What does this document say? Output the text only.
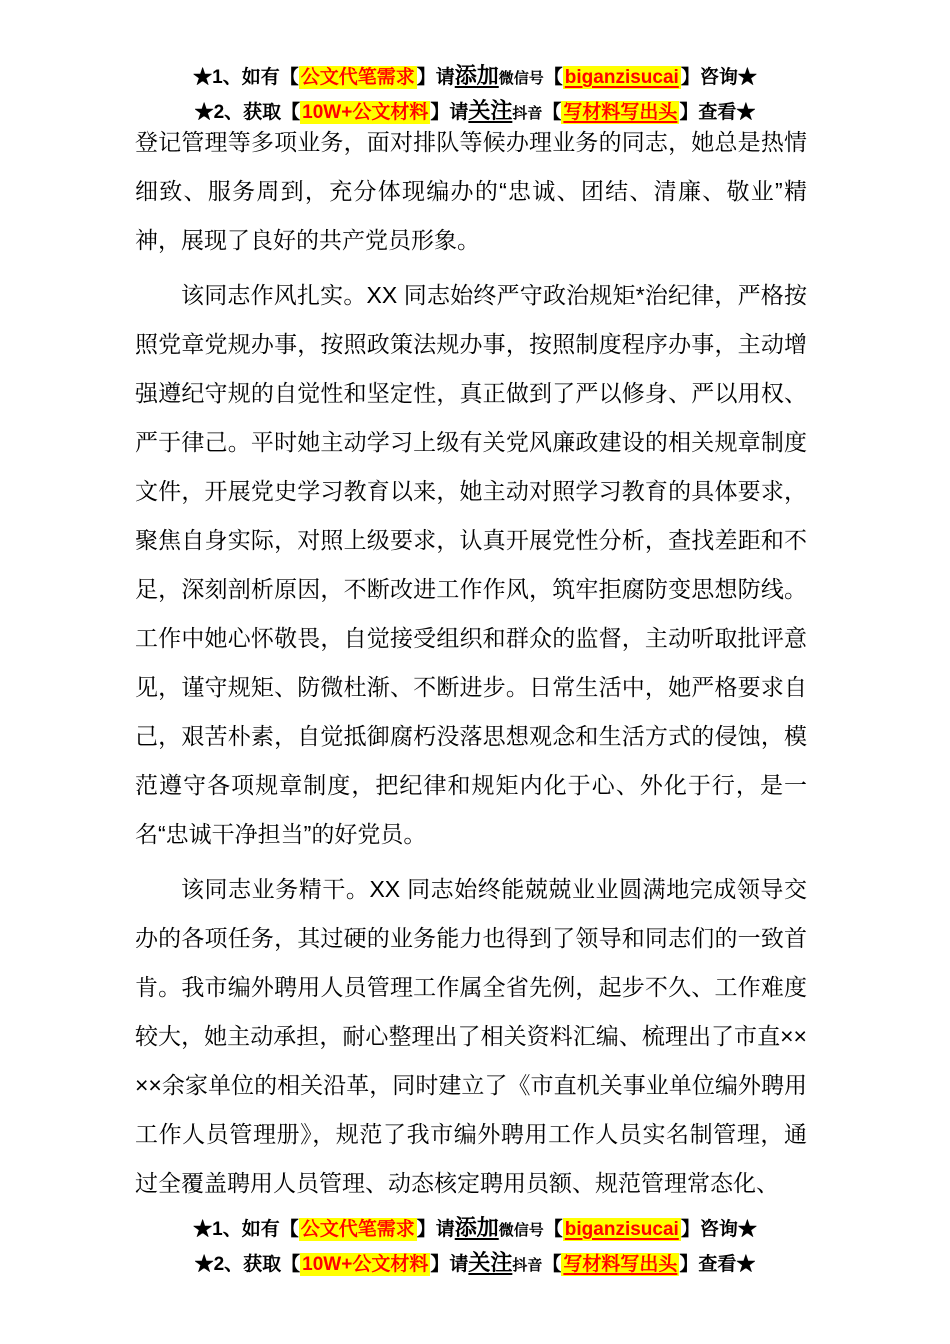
★1、如有【 公文代笔需求 】请添加微信号【 biganzisucai 】咨询★
★2、获取【 10W+公文材料 】请关注抖音【 写材料写出头 】查看★

登记管理等多项业务，面对排队等候办理业务的同志，她总是热情细致、服务周到，充分体现编办的“忠诚、团结、清廉、敬业”精神，展现了良好的共产党员形象。

该同志作风扎实。XX 同志始终严守政治规矩*治纪律，严格按照党章党规办事，按照政策法规办事，按照制度程序办事，主动增强遵纪守规的自觉性和坚定性，真正做到了严以修身、严以用权、严于律己。平时她主动学习上级有关党风廉政建设的相关规章制度文件，开展党史学习教育以来，她主动对照学习教育的具体要求，聚焦自身实际，对照上级要求，认真开展党性分析，查找差距和不足，深刻剖析原因，不断改进工作作风，筑牢拒腐防变思想防线。工作中她心怀敬畏，自觉接受组织和群众的监督，主动听取批评意见，谨守规矩、防微杜渐、不断进步。日常生活中，她严格要求自己，艰苦朴素，自觉抵御腐朽没落思想观念和生活方式的侵蚀，模范遵守各项规章制度，把纪律和规矩内化于心、外化于行，是一名“忠诚干净担当”的好党员。

该同志业务精干。XX 同志始终能兢兢业业圆满地完成领导交办的各项任务，其过硬的业务能力也得到了领导和同志们的一致首肯。我市编外聘用人员管理工作属全省先例，起步不久、工作难度较大，她主动承担，耐心整理出了相关资料汇编、梳理出了市直××××余家单位的相关沿革，同时建立了《市直机关事业单位编外聘用工作人员管理册》，规范了我市编外聘用工作人员实名制管理，通过全覆盖聘用人员管理、动态核定聘用员额、规范管理常态化、

★1、如有【 公文代笔需求 】请添加微信号【 biganzisucai 】咨询★
★2、获取【 10W+公文材料 】请关注抖音【 写材料写出头 】查看★
